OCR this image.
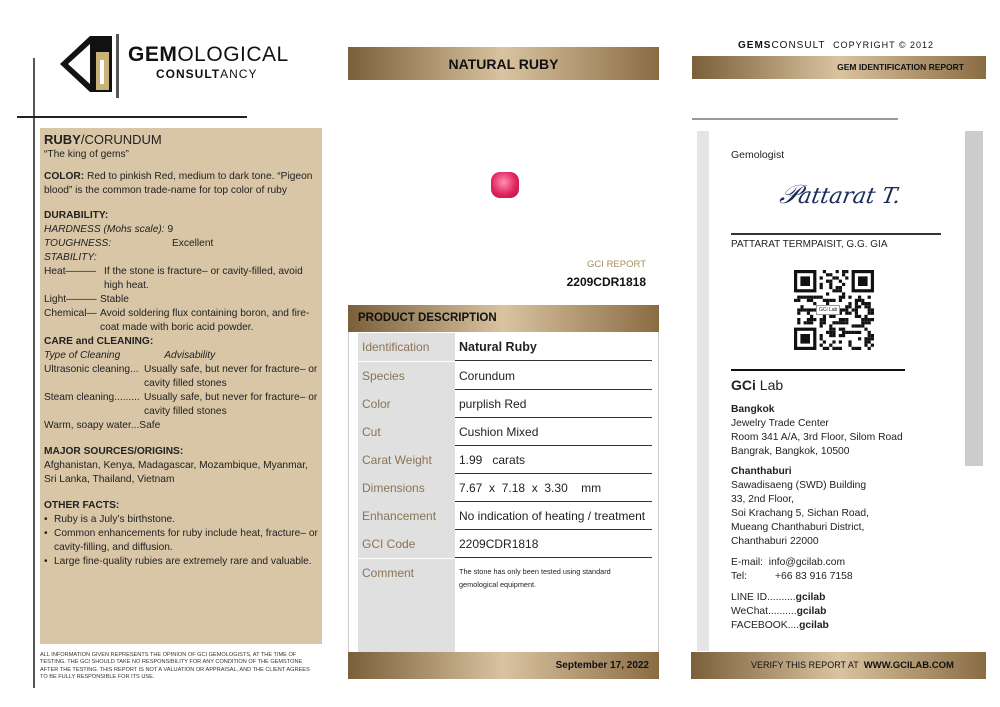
GEMOLOGICAL
CONSULTANCY
RUBY/CORUNDUM
“The king of gems”
COLOR: Red to pinkish Red, medium to dark tone. “Pigeon blood” is the common trade-name for top color of ruby
DURABILITY:
HARDNESS (Mohs scale): 9
TOUGHNESS:	Excellent
STABILITY:
Heat——— If the stone is fracture– or cavity-filled, avoid high heat.
Light——— Stable
Chemical— Avoid soldering flux containing boron, and fire-coat made with boric acid powder.
CARE and CLEANING:
Type of Cleaning	Advisability
Ultrasonic cleaning... Usually safe, but never for fracture– or cavity filled stones
Steam cleaning......... Usually safe, but never for fracture– or cavity filled stones
Warm, soapy water...Safe
MAJOR SOURCES/ORIGINS:
Afghanistan, Kenya, Madagascar, Mozambique, Myanmar, Sri Lanka, Thailand, Vietnam
OTHER FACTS:
• Ruby is a July’s birthstone.
• Common enhancements for ruby include heat, fracture– or cavity-filling, and diffusion.
• Large fine-quality rubies are extremely rare and valuable.
ALL INFORMATION GIVEN REPRESENTS THE OPINION OF GCI GEMOLOGISTS, AT THE TIME OF TESTING. THE GCI SHOULD TAKE NO RESPONSIBILITY FOR ANY CONDITION OF THE GEMSTONE AFTER THE TESTING. THIS REPORT IS NOT A VALUATION OR APPRAISAL, AND THE CLIENT AGREES TO BE FULLY RESPONSIBLE FOR ITS USE.
NATURAL RUBY
GCI REPORT
2209CDR1818
PRODUCT DESCRIPTION
Identification	Natural Ruby
Species	Corundum
Color	purplish Red
Cut	Cushion Mixed
Carat Weight	1.99   carats
Dimensions	7.67  x  7.18  x  3.30    mm
Enhancement	No indication of heating / treatment
GCI Code	2209CDR1818
Comment	The stone has only been tested using standard gemological equipment.
September 17, 2022
GEMSCONSULT COPYRIGHT © 2012
GEM IDENTIFICATION REPORT
Gemologist
𝒫attarat T.
PATTARAT TERMPAISIT, G.G. GIA
GCi Lab
GCi Lab
Bangkok
Jewelry Trade Center
Room 341 A/A, 3rd Floor, Silom Road
Bangrak, Bangkok, 10500
Chanthaburi
Sawadisaeng (SWD) Building
33, 2nd Floor,
Soi Krachang 5, Sichan Road,
Mueang Chanthaburi District,
Chanthaburi 22000
E-mail: info@gcilab.com
Tel:	+66 83 916 7158
LINE ID..........gcilab
WeChat..........gcilab
FACEBOOK....gcilab
VERIFY THIS REPORT AT WWW.GCILAB.COM
